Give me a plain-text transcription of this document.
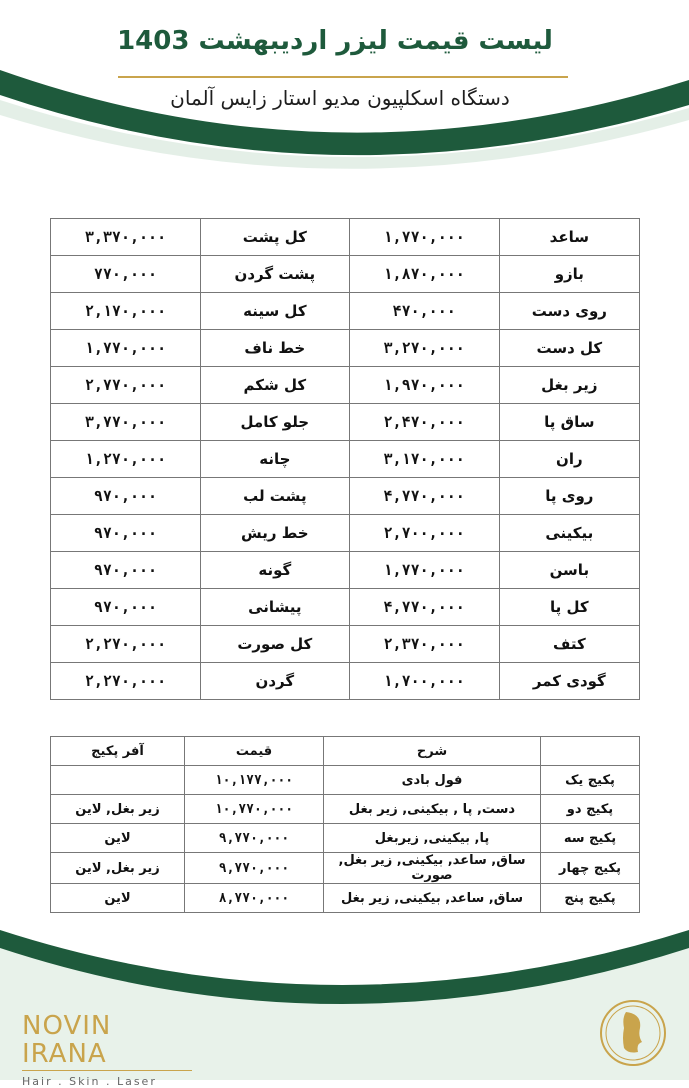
لیست قیمت لیزر اردیبهشت 1403
دستگاه اسکلپیون مدیو استار زایس آلمان
ساعد	۱,۷۷۰,۰۰۰	کل پشت	۳,۳۷۰,۰۰۰
بازو	۱,۸۷۰,۰۰۰	پشت گردن	۷۷۰,۰۰۰
روی دست	۴۷۰,۰۰۰	کل سینه	۲,۱۷۰,۰۰۰
کل دست	۳,۲۷۰,۰۰۰	خط ناف	۱,۷۷۰,۰۰۰
زیر بغل	۱,۹۷۰,۰۰۰	کل شکم	۲,۷۷۰,۰۰۰
ساق پا	۲,۴۷۰,۰۰۰	جلو کامل	۳,۷۷۰,۰۰۰
ران	۳,۱۷۰,۰۰۰	چانه	۱,۲۷۰,۰۰۰
روی پا	۴,۷۷۰,۰۰۰	پشت لب	۹۷۰,۰۰۰
بیکینی	۲,۷۰۰,۰۰۰	خط ریش	۹۷۰,۰۰۰
باسن	۱,۷۷۰,۰۰۰	گونه	۹۷۰,۰۰۰
کل پا	۴,۷۷۰,۰۰۰	پیشانی	۹۷۰,۰۰۰
کتف	۲,۳۷۰,۰۰۰	کل صورت	۲,۲۷۰,۰۰۰
گودی کمر	۱,۷۰۰,۰۰۰	گردن	۲,۲۷۰,۰۰۰
	شرح	قیمت	آفر پکیج
پکیج یک	فول بادی	۱۰,۱۷۷,۰۰۰	
پکیج دو	دست, پا , بیکینی, زیر بغل	۱۰,۷۷۰,۰۰۰	زیر بغل, لاین
پکیج سه	پا, بیکینی, زیربغل	۹,۷۷۰,۰۰۰	لاین
پکیج چهار	ساق, ساعد, بیکینی, زیر بغل, صورت	۹,۷۷۰,۰۰۰	زیر بغل, لاین
پکیج پنج	ساق, ساعد, بیکینی, زیر بغل	۸,۷۷۰,۰۰۰	لاین
NOVIN IRANA
Hair . Skin . Laser
